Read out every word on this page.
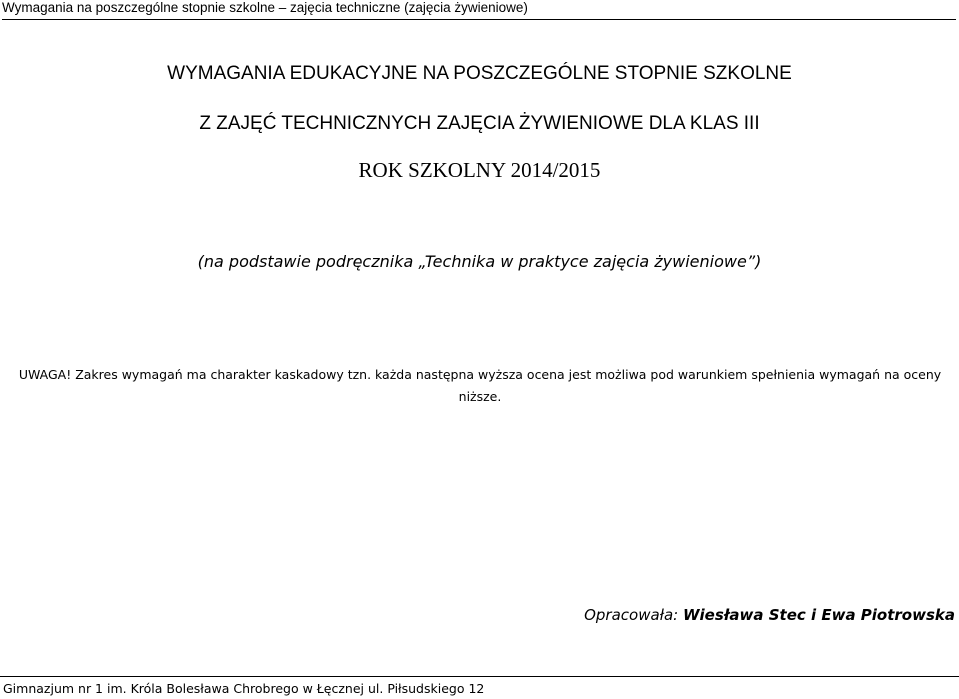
Wymagania na poszczególne stopnie szkolne – zajęcia techniczne (zajęcia żywieniowe)
WYMAGANIA EDUKACYJNE NA POSZCZEGÓLNE STOPNIE SZKOLNE
Z ZAJĘĆ TECHNICZNYCH ZAJĘCIA ŻYWIENIOWE DLA KLAS III
ROK SZKOLNY 2014/2015
(na podstawie podręcznika „Technika w praktyce zajęcia żywieniowe”)
UWAGA! Zakres wymagań ma charakter kaskadowy tzn. każda następna wyższa ocena jest możliwa pod warunkiem spełnienia wymagań na oceny niższe.
Opracowała: Wiesława Stec i Ewa Piotrowska
Gimnazjum nr 1 im. Króla Bolesława Chrobrego w Łęcznej ul. Piłsudskiego 12
